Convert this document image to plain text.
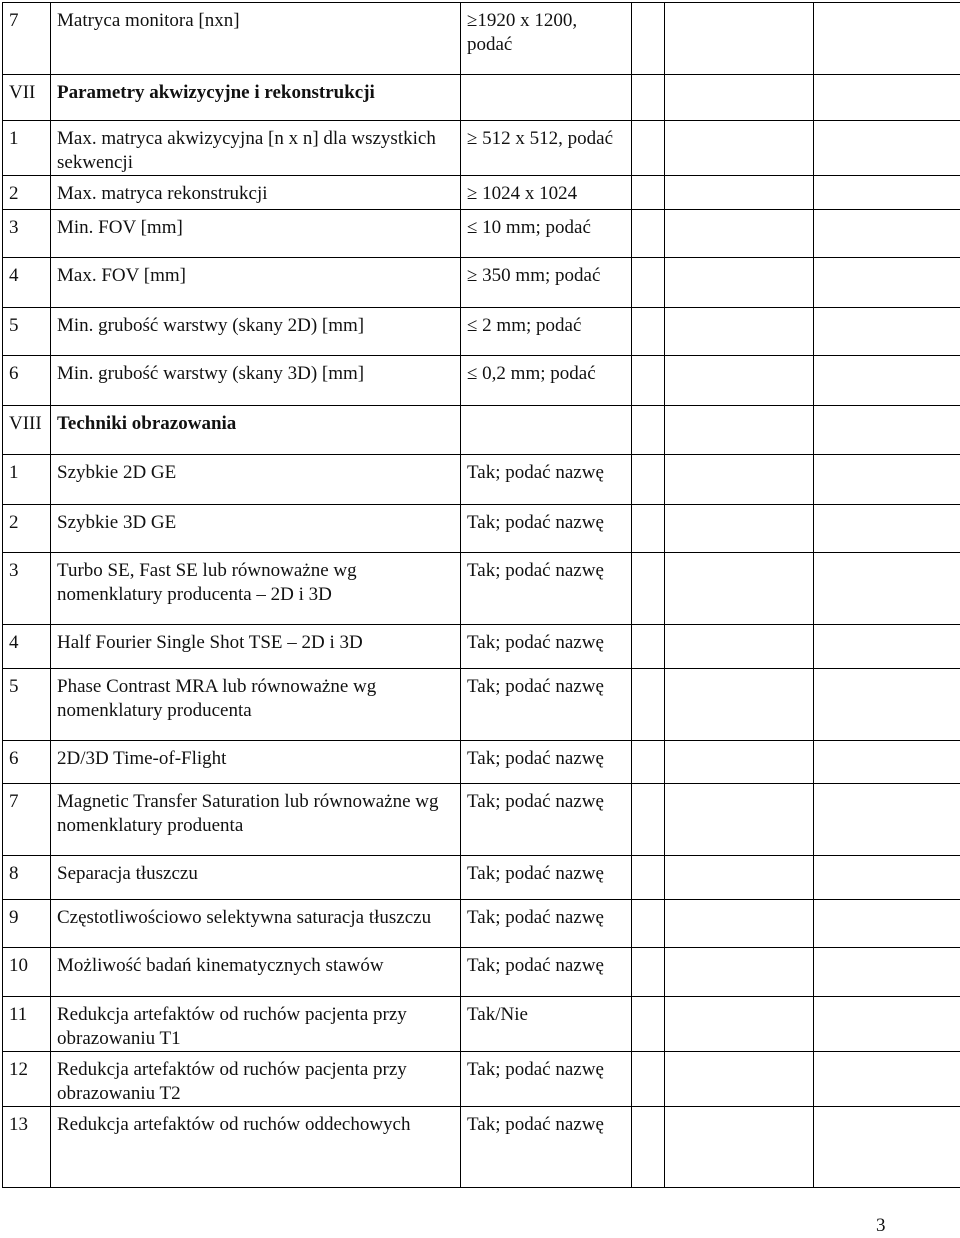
7	Matryca monitora [nxn]	≥1920 x 1200, podać			
VII	Parametry akwizycyjne i rekonstrukcji				
1	Max. matryca akwizycyjna [n x n] dla wszystkich sekwencji	≥ 512 x 512, podać			
2	Max. matryca rekonstrukcji	≥ 1024 x 1024			
3	Min. FOV [mm]	≤ 10 mm; podać			
4	Max. FOV [mm]	≥ 350 mm; podać			
5	Min. grubość warstwy (skany 2D) [mm]	≤ 2 mm; podać			
6	Min. grubość warstwy (skany 3D) [mm]	≤ 0,2 mm; podać			
VIII	Techniki obrazowania				
1	Szybkie 2D GE	Tak; podać nazwę			
2	Szybkie 3D GE	Tak; podać nazwę			
3	Turbo SE, Fast SE lub równoważne wg nomenklatury producenta – 2D i 3D	Tak; podać nazwę			
4	Half Fourier Single Shot TSE – 2D i 3D	Tak; podać nazwę			
5	Phase Contrast MRA lub równoważne wg nomenklatury producenta	Tak; podać nazwę			
6	2D/3D Time-of-Flight	Tak; podać nazwę			
7	Magnetic Transfer Saturation lub równoważne wg nomenklatury produenta	Tak; podać nazwę			
8	Separacja tłuszczu	Tak; podać nazwę			
9	Częstotliwościowo selektywna saturacja tłuszczu	Tak; podać nazwę			
10	Możliwość badań kinematycznych stawów	Tak; podać nazwę			
11	Redukcja artefaktów od ruchów pacjenta przy obrazowaniu T1	Tak/Nie			
12	Redukcja artefaktów od ruchów pacjenta przy obrazowaniu T2	Tak; podać nazwę			
13	Redukcja artefaktów od ruchów oddechowych	Tak; podać nazwę			
3
